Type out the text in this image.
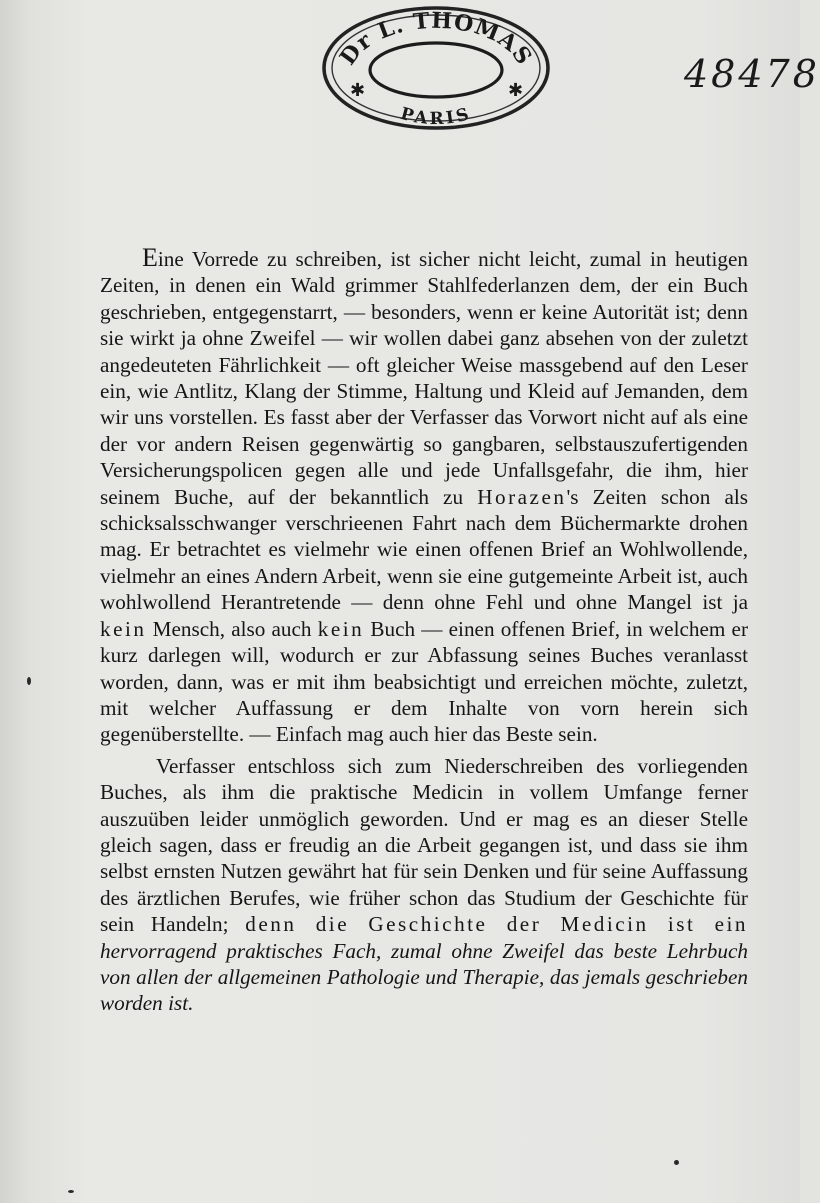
Dr L. THOMAS
PARIS
✱	✱	48478

Eine Vorrede zu schreiben, ist sicher nicht leicht, zumal in heutigen Zeiten, in denen ein Wald grimmer Stahlfederlanzen dem, der ein Buch geschrieben, entgegenstarrt, — besonders, wenn er keine Autorität ist; denn sie wirkt ja ohne Zweifel — wir wollen dabei ganz absehen von der zuletzt angedeuteten Fährlichkeit — oft gleicher Weise massgebend auf den Leser ein, wie Antlitz, Klang der Stimme, Haltung und Kleid auf Jemanden, dem wir uns vorstellen. Es fasst aber der Verfasser das Vorwort nicht auf als eine der vor andern Reisen gegenwärtig so gangbaren, selbstauszufertigenden Versicherungspolicen gegen alle und jede Unfallsgefahr, die ihm, hier seinem Buche, auf der bekanntlich zu Horazen's Zeiten schon als schicksalsschwanger verschrieenen Fahrt nach dem Büchermarkte drohen mag. Er betrachtet es vielmehr wie einen offenen Brief an Wohlwollende, vielmehr an eines Andern Arbeit, wenn sie eine gutgemeinte Arbeit ist, auch wohlwollend Herantretende — denn ohne Fehl und ohne Mangel ist ja kein Mensch, also auch kein Buch — einen offenen Brief, in welchem er kurz darlegen will, wodurch er zur Abfassung seines Buches veranlasst worden, dann, was er mit ihm beabsichtigt und erreichen möchte, zuletzt, mit welcher Auffassung er dem Inhalte von vorn herein sich gegenüberstellte. — Einfach mag auch hier das Beste sein.

Verfasser entschloss sich zum Niederschreiben des vorliegenden Buches, als ihm die praktische Medicin in vollem Umfange ferner auszuüben leider unmöglich geworden. Und er mag es an dieser Stelle gleich sagen, dass er freudig an die Arbeit gegangen ist, und dass sie ihm selbst ernsten Nutzen gewährt hat für sein Denken und für seine Auffassung des ärztlichen Berufes, wie früher schon das Studium der Geschichte für sein Handeln; denn die Geschichte der Medicin ist ein hervorragend praktisches Fach, zumal ohne Zweifel das beste Lehrbuch von allen der allgemeinen Pathologie und Therapie, das jemals geschrieben worden ist.
